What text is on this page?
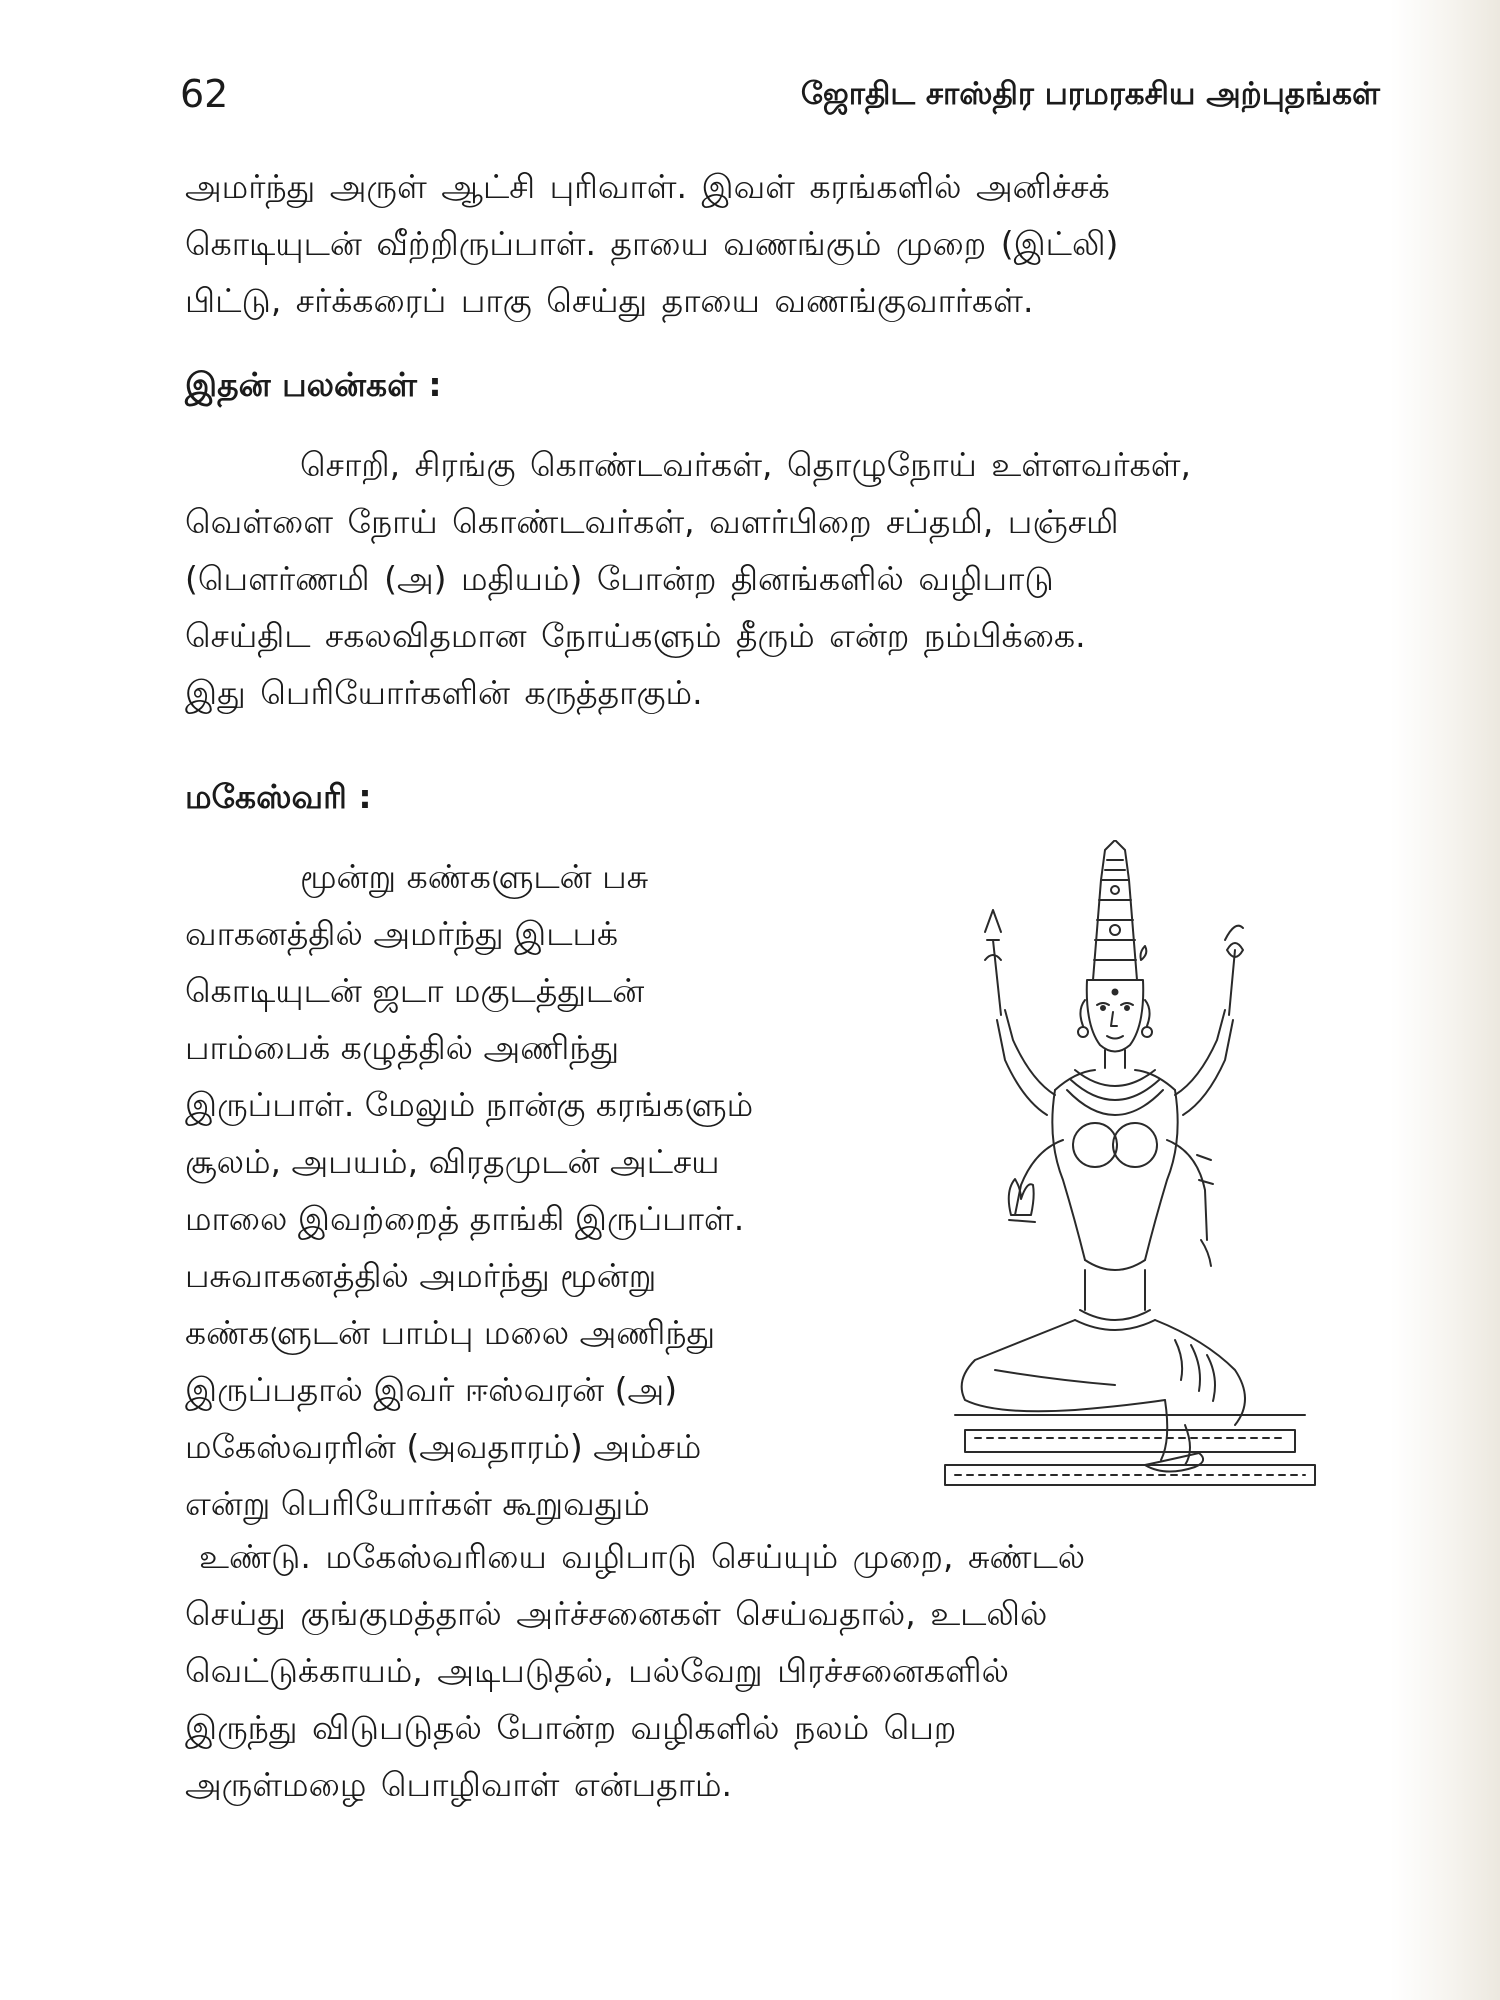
62	ஜோதிட சாஸ்திர பரமரகசிய அற்புதங்கள்

அமர்ந்து அருள் ஆட்சி புரிவாள். இவள் கரங்களில் அனிச்சக்
கொடியுடன் வீற்றிருப்பாள். தாயை வணங்கும் முறை (இட்லி)
பிட்டு, சர்க்கரைப் பாகு செய்து தாயை வணங்குவார்கள்.

இதன் பலன்கள் :

சொறி, சிரங்கு கொண்டவர்கள், தொழுநோய் உள்ளவர்கள்,
வெள்ளை நோய் கொண்டவர்கள், வளர்பிறை சப்தமி, பஞ்சமி
(பௌர்ணமி (அ) மதியம்) போன்ற தினங்களில் வழிபாடு
செய்திட சகலவிதமான நோய்களும் தீரும் என்ற நம்பிக்கை.
இது பெரியோர்களின் கருத்தாகும்.

மகேஸ்வரி :

மூன்று கண்களுடன் பசு
வாகனத்தில் அமர்ந்து இடபக்
கொடியுடன் ஜடா மகுடத்துடன்
பாம்பைக் கழுத்தில் அணிந்து
இருப்பாள். மேலும் நான்கு கரங்களும்
சூலம், அபயம், விரதமுடன் அட்சய
மாலை இவற்றைத் தாங்கி இருப்பாள்.
பசுவாகனத்தில் அமர்ந்து மூன்று
கண்களுடன் பாம்பு மலை அணிந்து
இருப்பதால் இவர் ஈஸ்வரன் (அ)
மகேஸ்வரரின் (அவதாரம்) அம்சம்
என்று பெரியோர்கள் கூறுவதும்

உண்டு. மகேஸ்வரியை வழிபாடு செய்யும் முறை, சுண்டல்
செய்து குங்குமத்தால் அர்ச்சனைகள் செய்வதால், உடலில்
வெட்டுக்காயம், அடிபடுதல், பல்வேறு பிரச்சனைகளில்
இருந்து விடுபடுதல் போன்ற வழிகளில் நலம் பெற
அருள்மழை பொழிவாள் என்பதாம்.
